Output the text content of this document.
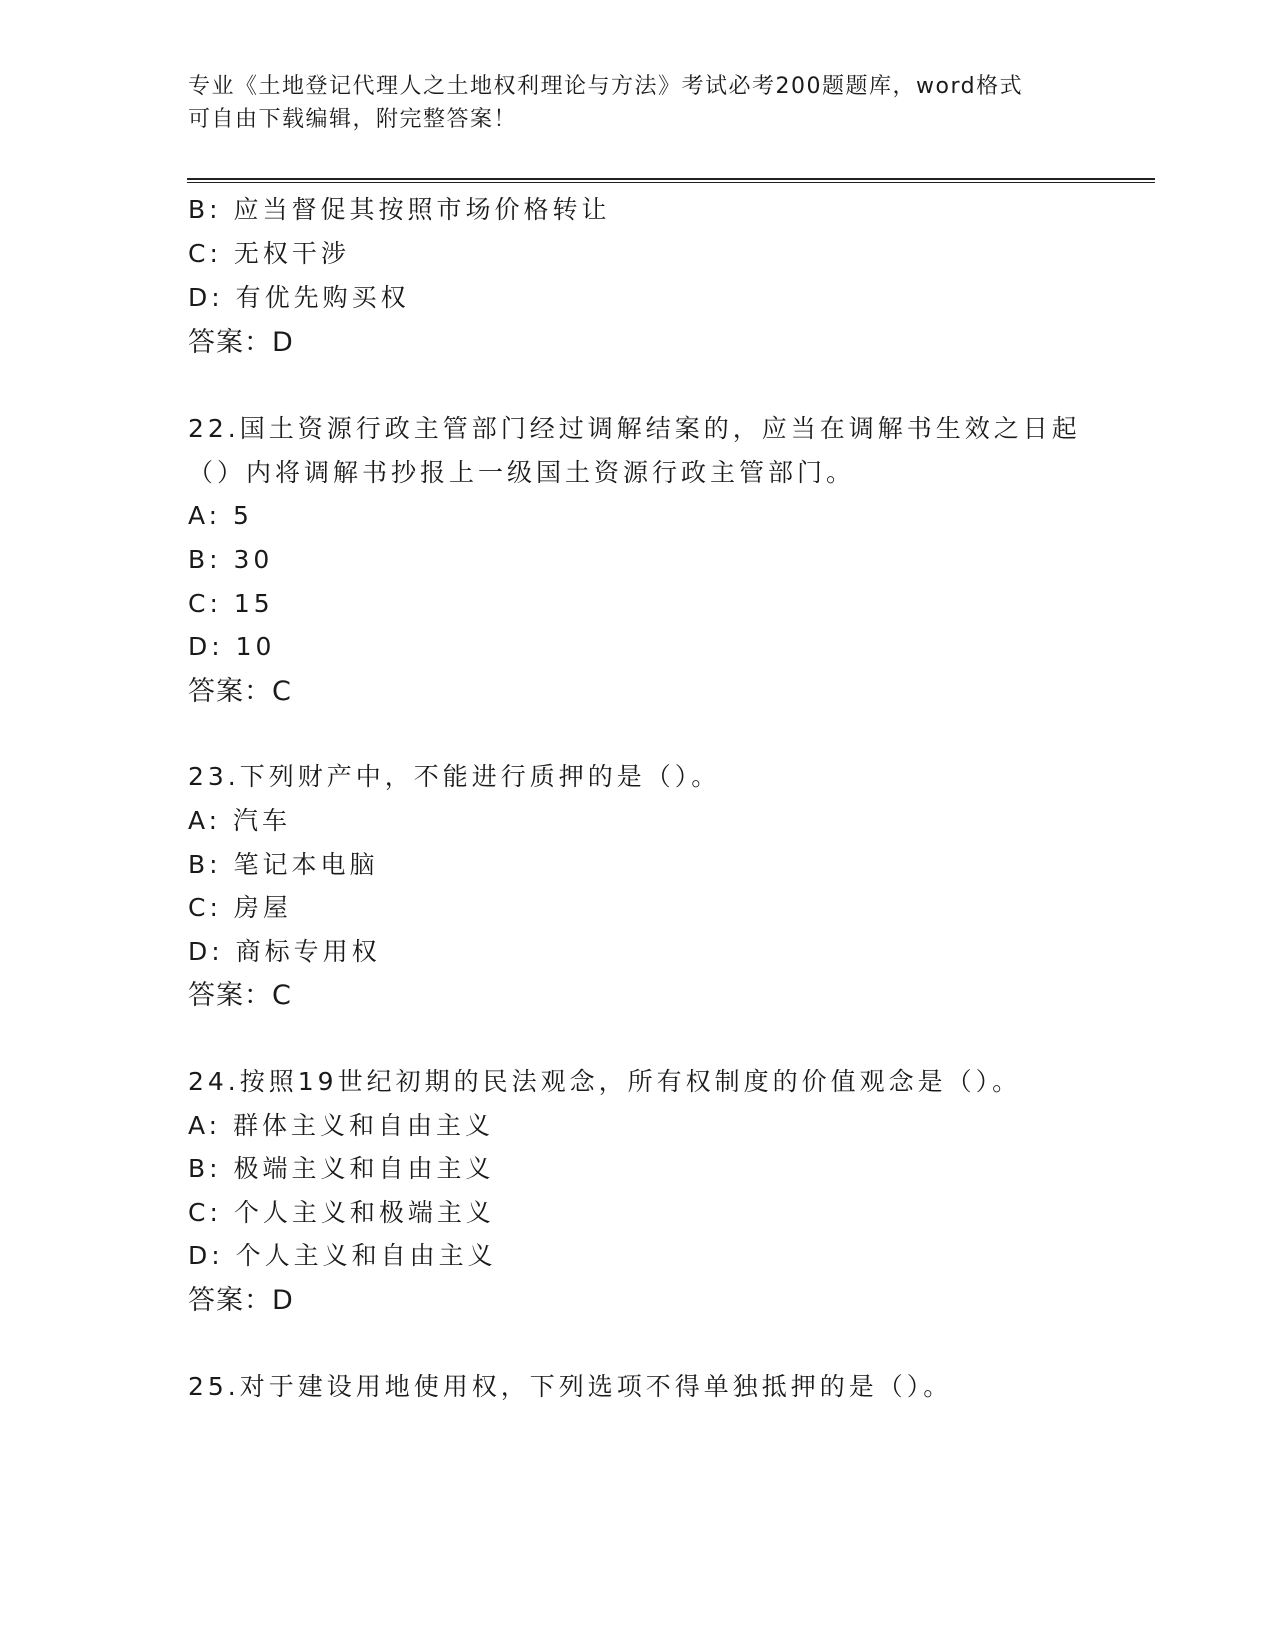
专业《土地登记代理人之土地权利理论与方法》考试必考200题题库，word格式
可自由下载编辑，附完整答案！
B: 应当督促其按照市场价格转让
C: 无权干涉
D: 有优先购买权
答案：D
22.国土资源行政主管部门经过调解结案的，应当在调解书生效之日起
（）内将调解书抄报上一级国土资源行政主管部门。
A: 5
B: 30
C: 15
D: 10
答案：C
23.下列财产中，不能进行质押的是（）。
A: 汽车
B: 笔记本电脑
C: 房屋
D: 商标专用权
答案：C
24.按照19世纪初期的民法观念，所有权制度的价值观念是（）。
A: 群体主义和自由主义
B: 极端主义和自由主义
C: 个人主义和极端主义
D: 个人主义和自由主义
答案：D
25.对于建设用地使用权，下列选项不得单独抵押的是（）。
